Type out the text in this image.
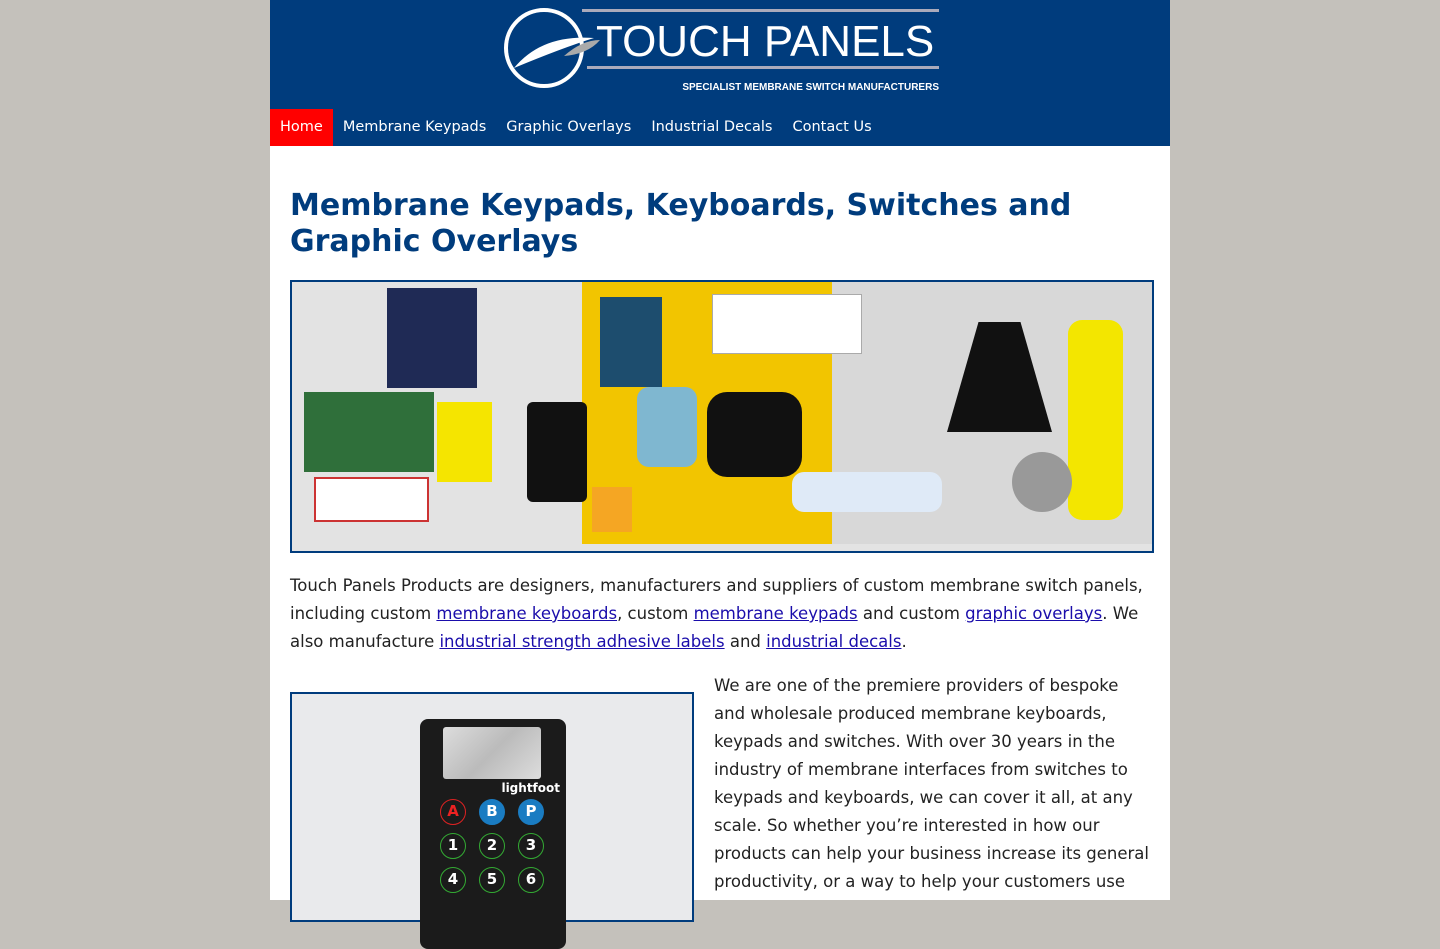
TOUCH PANELS
SPECIALIST MEMBRANE SWITCH MANUFACTURERS
Home	Membrane Keypads	Graphic Overlays	Industrial Decals	Contact Us
Membrane Keypads, Keyboards, Switches and Graphic Overlays

Touch Panels Products are designers, manufacturers and suppliers of custom membrane switch panels, including custom membrane keyboards, custom membrane keypads and custom graphic overlays. We also manufacture industrial strength adhesive labels and industrial decals.

lightfoot
A	B	P
1	2	3
4	5	6

We are one of the premiere providers of bespoke and wholesale produced membrane keyboards, keypads and switches. With over 30 years in the industry of membrane interfaces from switches to keypads and keyboards, we can cover it all, at any scale. So whether you’re interested in how our products can help your business increase its general productivity, or a way to help your customers use
